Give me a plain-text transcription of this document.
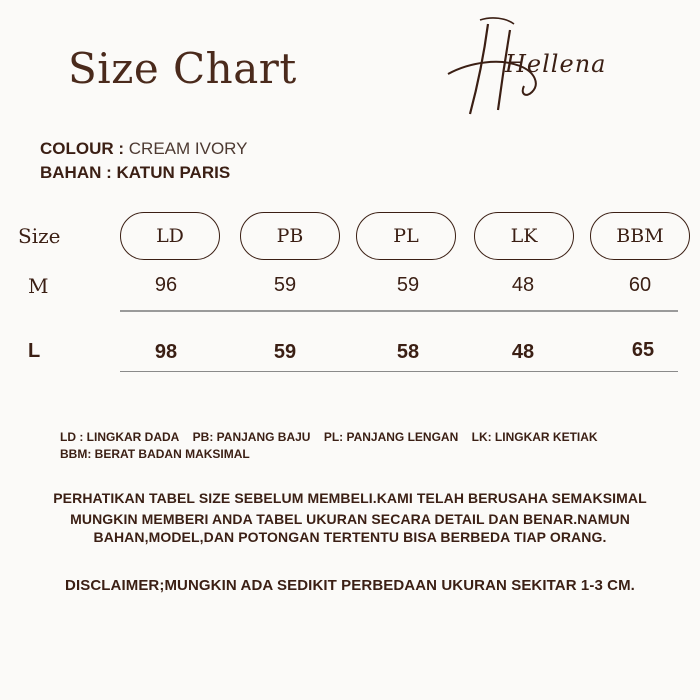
Size Chart	Hellena
COLOUR : CREAM IVORY
BAHAN : KATUN PARIS
Size	LD	PB	PL	LK	BBM
M	96	59	59	48	60
L	98	59	58	48	65
LD : LINGKAR DADA PB: PANJANG BAJU PL: PANJANG LENGAN LK: LINGKAR KETIAK
BBM: BERAT BADAN MAKSIMAL
PERHATIKAN TABEL SIZE SEBELUM MEMBELI.KAMI TELAH BERUSAHA SEMAKSIMAL
MUNGKIN MEMBERI ANDA TABEL UKURAN SECARA DETAIL DAN BENAR.NAMUN
BAHAN,MODEL,DAN POTONGAN TERTENTU BISA BERBEDA TIAP ORANG.
DISCLAIMER;MUNGKIN ADA SEDIKIT PERBEDAAN UKURAN SEKITAR 1-3 CM.
